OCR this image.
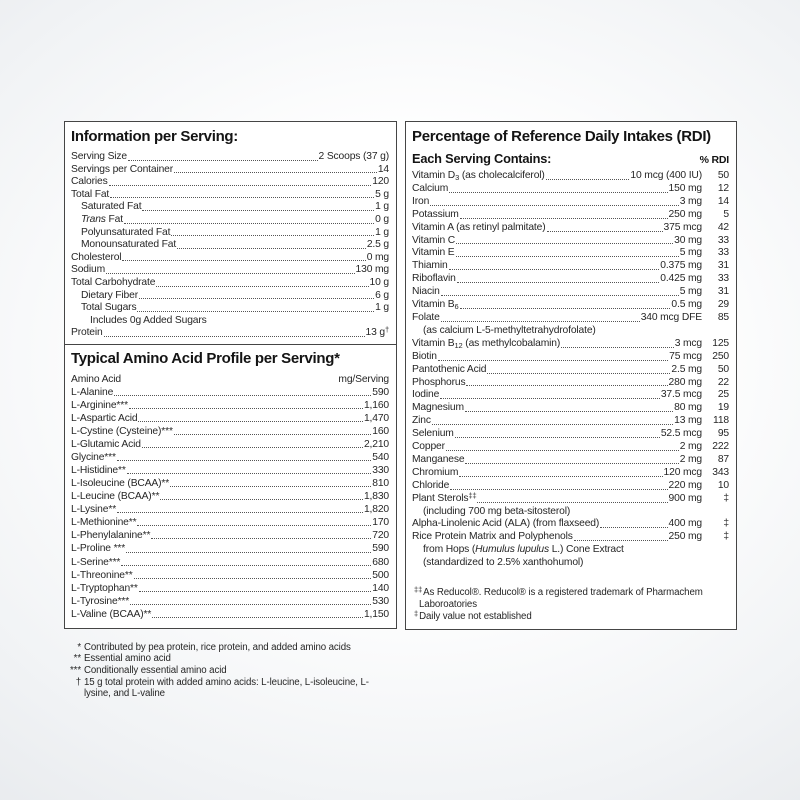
Information per Serving:
Serving Size	2 Scoops (37 g)
Servings per Container	14
Calories	120
Total Fat	5 g
Saturated Fat	1 g
Trans Fat	0 g
Polyunsaturated Fat	1 g
Monounsaturated Fat	2.5 g
Cholesterol	0 mg
Sodium	130 mg
Total Carbohydrate	10 g
Dietary Fiber	6 g
Total Sugars	1 g
Includes 0g Added Sugars
Protein	13 g†
Typical Amino Acid Profile per Serving*
Amino Acid	mg/Serving
L-Alanine	590
L-Arginine***	1,160
L-Aspartic Acid	1,470
L-Cystine (Cysteine)***	160
L-Glutamic Acid	2,210
Glycine***	540
L-Histidine**	330
L-Isoleucine (BCAA)**	810
L-Leucine (BCAA)**	1,830
L-Lysine**	1,820
L-Methionine**	170
L-Phenylalanine**	720
L-Proline ***	590
L-Serine***	680
L-Threonine**	500
L-Tryptophan**	140
L-Tyrosine***	530
L-Valine (BCAA)**	1,150
* Contributed by pea protein, rice protein, and added amino acids
** Essential amino acid
*** Conditionally essential amino acid
† 15 g total protein with added amino acids: L-leucine, L-isoleucine, L-lysine, and L-valine
Percentage of Reference Daily Intakes (RDI)
Each Serving Contains:	% RDI
Vitamin $D_3$ (as cholecalciferol)	10 mcg (400 IU)	50
Calcium	150 mg	12
Iron	3 mg	14
Potassium	250 mg	5
Vitamin A (as retinyl palmitate)	375 mcg	42
Vitamin C	30 mg	33
Vitamin E	5 mg	33
Thiamin	0.375 mg	31
Riboflavin	0.425 mg	33
Niacin	5 mg	31
Vitamin $B_6$	0.5 mg	29
Folate	340 mcg DFE	85
(as calcium L-5-methyltetrahydrofolate)
Vitamin $B_{12}$ (as methylcobalamin)	3 mcg 125
Biotin	75 mcg 250
Pantothenic Acid	2.5 mg	50
Phosphorus	280 mg	22
Iodine	37.5 mcg	25
Magnesium	80 mg	19
Zinc	13 mg	118
Selenium	52.5 mcg	95
Copper	2 mg 222
Manganese	2 mg	87
Chromium	120 mcg 343
Chloride	220 mg	10
Plant Sterols‡‡	900 mg	‡
(including 700 mg beta-sitosterol)
Alpha-Linolenic Acid (ALA) (from flaxseed)	400 mg	‡
Rice Protein Matrix and Polyphenols	250 mg	‡
from Hops (Humulus lupulus L.) Cone Extract
(standardized to 2.5% xanthohumol)
‡‡As Reducol®. Reducol® is a registered trademark of Pharmachem Laboroatories
‡Daily value not established
